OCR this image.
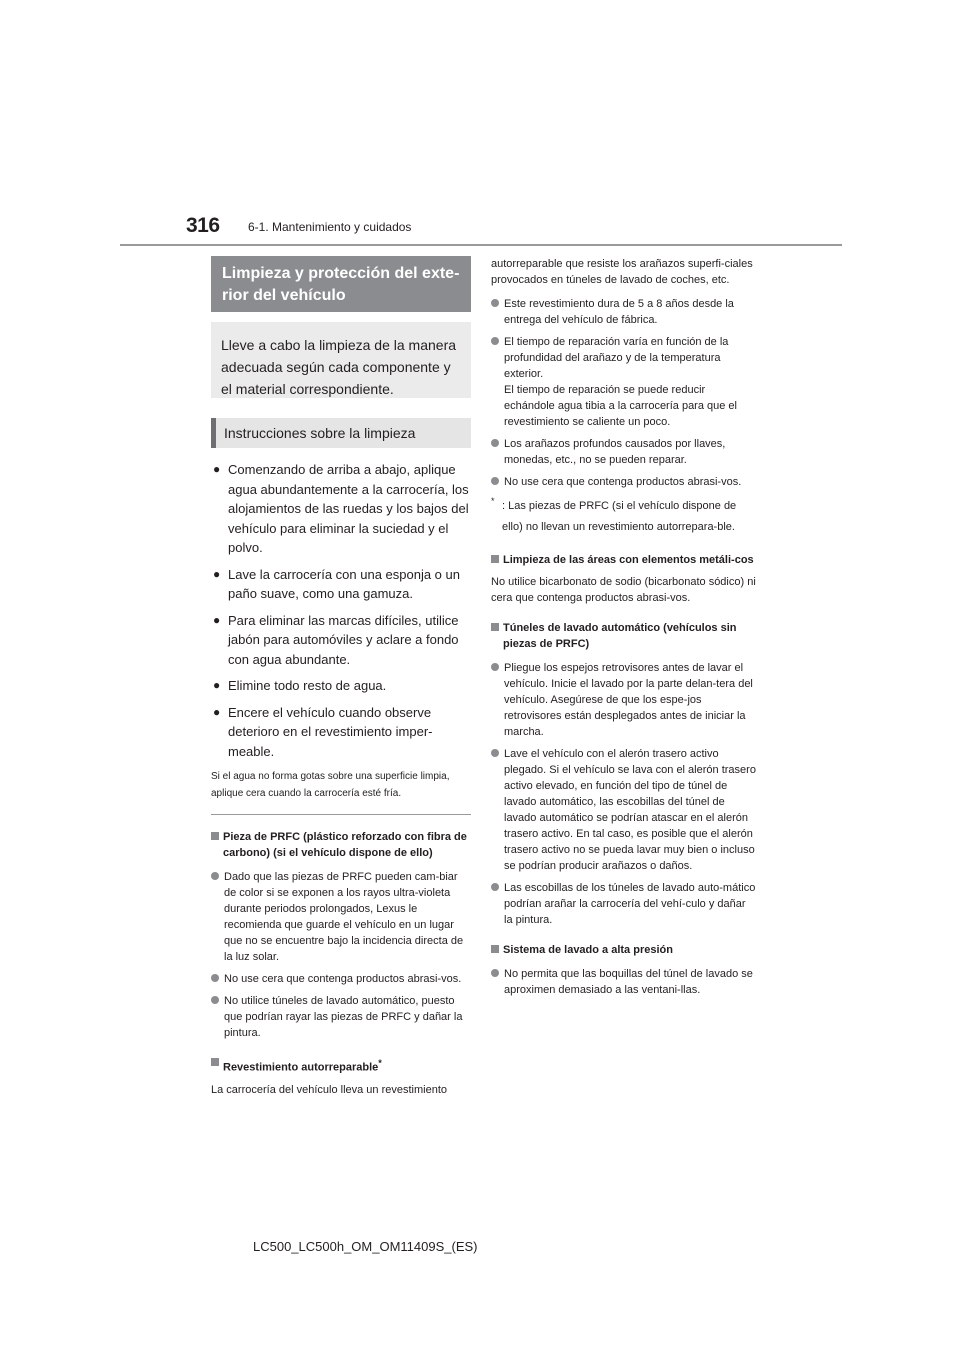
316 6-1. Mantenimiento y cuidados
Limpieza y protección del exte-rior del vehículo
Lleve a cabo la limpieza de la manera adecuada según cada componente y el material correspondiente.
Instrucciones sobre la limpieza
● Comenzando de arriba a abajo, aplique agua abundantemente a la carrocería, los alojamientos de las ruedas y los bajos del vehículo para eliminar la suciedad y el polvo.
● Lave la carrocería con una esponja o un paño suave, como una gamuza.
● Para eliminar las marcas difíciles, utilice jabón para automóviles y aclare a fondo con agua abundante.
● Elimine todo resto de agua.
● Encere el vehículo cuando observe deterioro en el revestimiento imper-meable.
Si el agua no forma gotas sobre una superficie limpia, aplique cera cuando la carrocería esté fría.
Pieza de PRFC (plástico reforzado con fibra de carbono) (si el vehículo dispone de ello)
Dado que las piezas de PRFC pueden cam-biar de color si se exponen a los rayos ultra-violeta durante periodos prolongados, Lexus le recomienda que guarde el vehículo en un lugar que no se encuentre bajo la incidencia directa de la luz solar.
No use cera que contenga productos abrasi-vos.
No utilice túneles de lavado automático, puesto que podrían rayar las piezas de PRFC y dañar la pintura.
Revestimiento autorreparable*
La carrocería del vehículo lleva un revestimiento
autorreparable que resiste los arañazos superfi-ciales provocados en túneles de lavado de coches, etc.
Este revestimiento dura de 5 a 8 años desde la entrega del vehículo de fábrica.
El tiempo de reparación varía en función de la profundidad del arañazo y de la temperatura exterior.
El tiempo de reparación se puede reducir echándole agua tibia a la carrocería para que el revestimiento se caliente un poco.
Los arañazos profundos causados por llaves, monedas, etc., no se pueden reparar.
No use cera que contenga productos abrasi-vos.
* : Las piezas de PRFC (si el vehículo dispone de ello) no llevan un revestimiento autorrepara-ble.
Limpieza de las áreas con elementos metáli-cos
No utilice bicarbonato de sodio (bicarbonato sódico) ni cera que contenga productos abrasi-vos.
Túneles de lavado automático (vehículos sin piezas de PRFC)
Pliegue los espejos retrovisores antes de lavar el vehículo. Inicie el lavado por la parte delan-tera del vehículo. Asegúrese de que los espe-jos retrovisores están desplegados antes de iniciar la marcha.
Lave el vehículo con el alerón trasero activo plegado. Si el vehículo se lava con el alerón trasero activo elevado, en función del tipo de túnel de lavado automático, las escobillas del túnel de lavado automático se podrían atascar en el alerón trasero activo. En tal caso, es posible que el alerón trasero activo no se pueda lavar muy bien o incluso se podrían producir arañazos o daños.
Las escobillas de los túneles de lavado auto-mático podrían arañar la carrocería del vehí-culo y dañar la pintura.
Sistema de lavado a alta presión
No permita que las boquillas del túnel de lavado se aproximen demasiado a las ventani-llas.
LC500_LC500h_OM_OM11409S_(ES)
